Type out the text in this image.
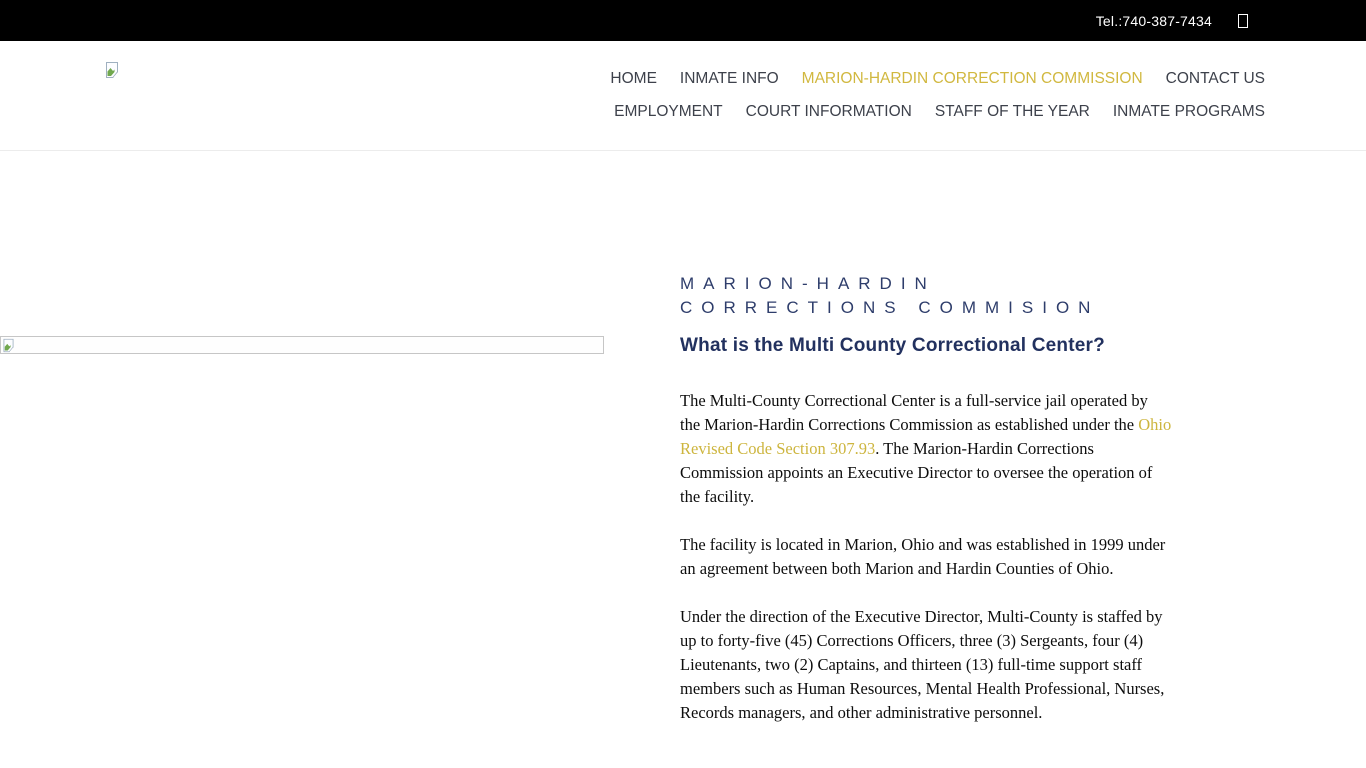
Tel.:740-387-7434
HOME INMATE INFO MARION-HARDIN CORRECTION COMMISSION CONTACT US
EMPLOYMENT COURT INFORMATION STAFF OF THE YEAR INMATE PROGRAMS
MARION-HARDIN
CORRECTIONS COMMISION
What is the Multi County Correctional Center?

The Multi-County Correctional Center is a full-service jail operated by the Marion-Hardin Corrections Commission as established under the Ohio Revised Code Section 307.93. The Marion-Hardin Corrections Commission appoints an Executive Director to oversee the operation of the facility.

The facility is located in Marion, Ohio and was established in 1999 under an agreement between both Marion and Hardin Counties of Ohio.

Under the direction of the Executive Director, Multi-County is staffed by up to forty-five (45) Corrections Officers, three (3) Sergeants, four (4) Lieutenants, two (2) Captains, and thirteen (13) full-time support staff members such as Human Resources, Mental Health Professional, Nurses, Records managers, and other administrative personnel.
